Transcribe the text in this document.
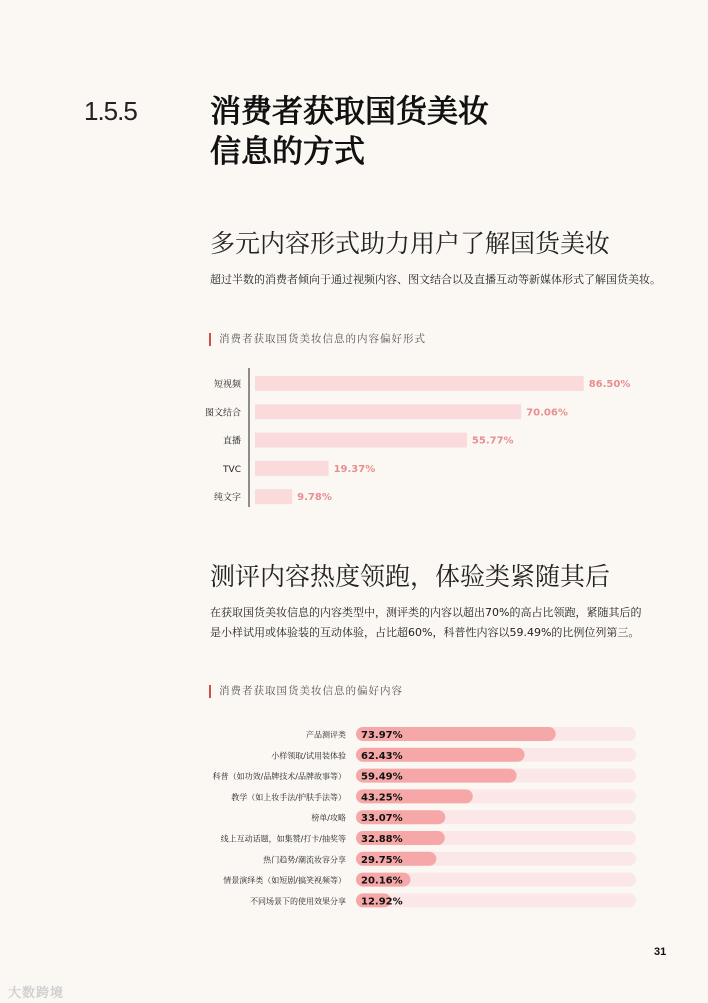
1.5.5 消费者获取国货美妆
信息的方式
多元内容形式助力用户了解国货美妆

超过半数的消费者倾向于通过视频内容、图文结合以及直播互动等新媒体形式了解国货美妆。

消费者获取国货美妆信息的内容偏好形式
短视频	86.50%
图文结合	70.06%
直播	55.77%
TVC	19.37%
纯文字	9.78%
测评内容热度领跑，体验类紧随其后

在获取国货美妆信息的内容类型中，测评类的内容以超出70%的高占比领跑，紧随其后的
是小样试用或体验装的互动体验，占比超60%，科普性内容以59.49%的比例位列第三。

消费者获取国货美妆信息的偏好内容
产品测评类 73.97%
小样领取/试用装体验 62.43%
科普（如功效/品牌技术/品牌故事等） 59.49%
教学（如上妆手法/护肤手法等） 43.25%
榜单/攻略 33.07%
线上互动话题，如集赞/打卡/抽奖等 32.88%
热门趋势/潮流妆容分享 29.75%
情景演绎类（如短剧/搞笑视频等） 20.16%
不同场景下的使用效果分享 12.92%
31
大数跨境
